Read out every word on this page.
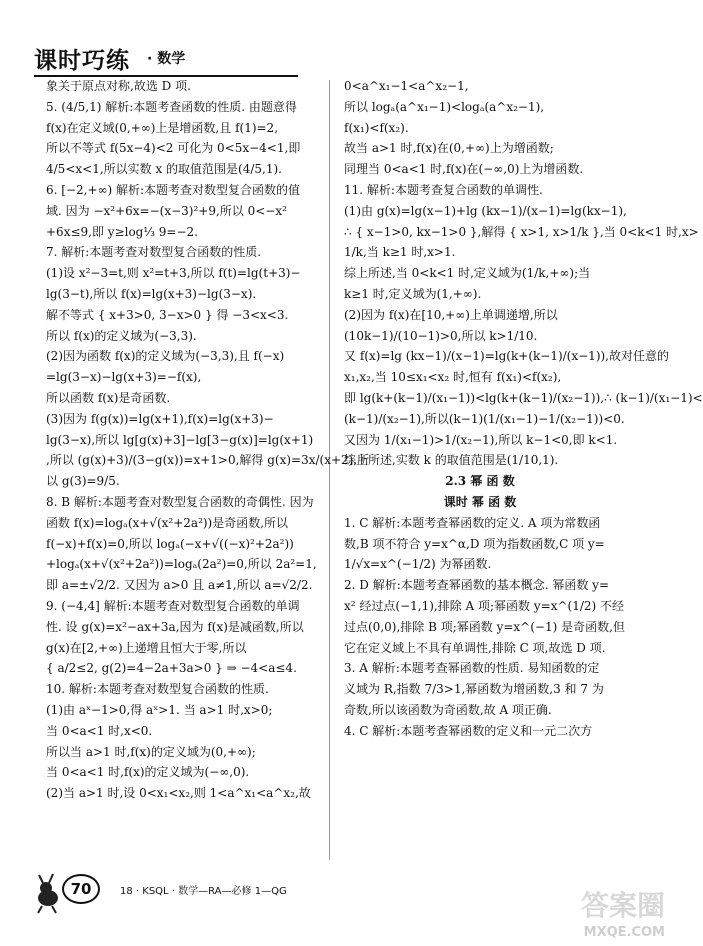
课时巧练 · 数学
象关于原点对称,故选 D 项.
5. (4/5,1) 解析:本题考查函数的性质. 由题意得
f(x)在定义域(0,+∞)上是增函数,且 f(1)=2,
所以不等式 f(5x−4)<2 可化为 0<5x−4<1,即
4/5<x<1,所以实数 x 的取值范围是(4/5,1).
6. [−2,+∞) 解析:本题考查对数型复合函数的值
域. 因为 −x²+6x=−(x−3)²+9,所以 0<−x²
+6x≤9,即 y≥log⅓ 9=−2.
7. 解析:本题考查对数型复合函数的性质.
(1)设 x²−3=t,则 x²=t+3,所以 f(t)=lg(t+3)−
lg(3−t),所以 f(x)=lg(x+3)−lg(3−x).
解不等式 { x+3>0, 3−x>0 } 得 −3<x<3.
所以 f(x)的定义域为(−3,3).
(2)因为函数 f(x)的定义域为(−3,3),且 f(−x)
=lg(3−x)−lg(x+3)=−f(x),
所以函数 f(x)是奇函数.
(3)因为 f(g(x))=lg(x+1),f(x)=lg(x+3)−
lg(3−x),所以 lg[g(x)+3]−lg[3−g(x)]=lg(x+1)
,所以 (g(x)+3)/(3−g(x))=x+1>0,解得 g(x)=3x/(x+2),所
以 g(3)=9/5.
8. B 解析:本题考查对数型复合函数的奇偶性. 因为
函数 f(x)=logₐ(x+√(x²+2a²))是奇函数,所以
f(−x)+f(x)=0,所以 logₐ(−x+√((−x)²+2a²))
+logₐ(x+√(x²+2a²))=logₐ(2a²)=0,所以 2a²=1,
即 a=±√2/2. 又因为 a>0 且 a≠1,所以 a=√2/2.
9. (−4,4] 解析:本题考查对数型复合函数的单调
性. 设 g(x)=x²−ax+3a,因为 f(x)是减函数,所以
g(x)在[2,+∞)上递增且恒大于零,所以
{ a/2≤2, g(2)=4−2a+3a>0 } ⇒ −4<a≤4.
10. 解析:本题考查对数型复合函数的性质.
(1)由 aˣ−1>0,得 aˣ>1. 当 a>1 时,x>0;
当 0<a<1 时,x<0.
所以当 a>1 时,f(x)的定义域为(0,+∞);
当 0<a<1 时,f(x)的定义域为(−∞,0).
(2)当 a>1 时,设 0<x₁<x₂,则 1<a^x₁<a^x₂,故
0<a^x₁−1<a^x₂−1,
所以 logₐ(a^x₁−1)<logₐ(a^x₂−1),
f(x₁)<f(x₂).
故当 a>1 时,f(x)在(0,+∞)上为增函数;
同理当 0<a<1 时,f(x)在(−∞,0)上为增函数.
11. 解析:本题考查复合函数的单调性.
(1)由 g(x)=lg(x−1)+lg (kx−1)/(x−1)=lg(kx−1),
∴ { x−1>0, kx−1>0 },解得 { x>1, x>1/k },当 0<k<1 时,x>
1/k,当 k≥1 时,x>1.
综上所述,当 0<k<1 时,定义域为(1/k,+∞);当
k≥1 时,定义域为(1,+∞).
(2)因为 f(x)在[10,+∞)上单调递增,所以
(10k−1)/(10−1)>0,所以 k>1/10.
又 f(x)=lg (kx−1)/(x−1)=lg(k+(k−1)/(x−1)),故对任意的
x₁,x₂,当 10≤x₁<x₂ 时,恒有 f(x₁)<f(x₂),
即 lg(k+(k−1)/(x₁−1))<lg(k+(k−1)/(x₂−1)),∴ (k−1)/(x₁−1)<
(k−1)/(x₂−1),所以(k−1)(1/(x₁−1)−1/(x₂−1))<0.
又因为 1/(x₁−1)>1/(x₂−1),所以 k−1<0,即 k<1.
综上所述,实数 k 的取值范围是(1/10,1).
2.3 幂 函 数
课时 幂 函 数
1. C 解析:本题考查幂函数的定义. A 项为常数函
数,B 项不符合 y=x^α,D 项为指数函数,C 项 y=
1/√x=x^(−1/2) 为幂函数.
2. D 解析:本题考查幂函数的基本概念. 幂函数 y=
x² 经过点(−1,1),排除 A 项;幂函数 y=x^(1/2) 不经
过点(0,0),排除 B 项;幂函数 y=x^(−1) 是奇函数,但
它在定义域上不具有单调性,排除 C 项,故选 D 项.
3. A 解析:本题考查幂函数的性质. 易知函数的定
义域为 R,指数 7/3>1,幂函数为增函数,3 和 7 为
奇数,所以该函数为奇函数,故 A 项正确.
4. C 解析:本题考查幂函数的定义和一元二次方
70	18 · KSQL · 数学—RA—必修 1—QG	答案圈
MXQE.COM
